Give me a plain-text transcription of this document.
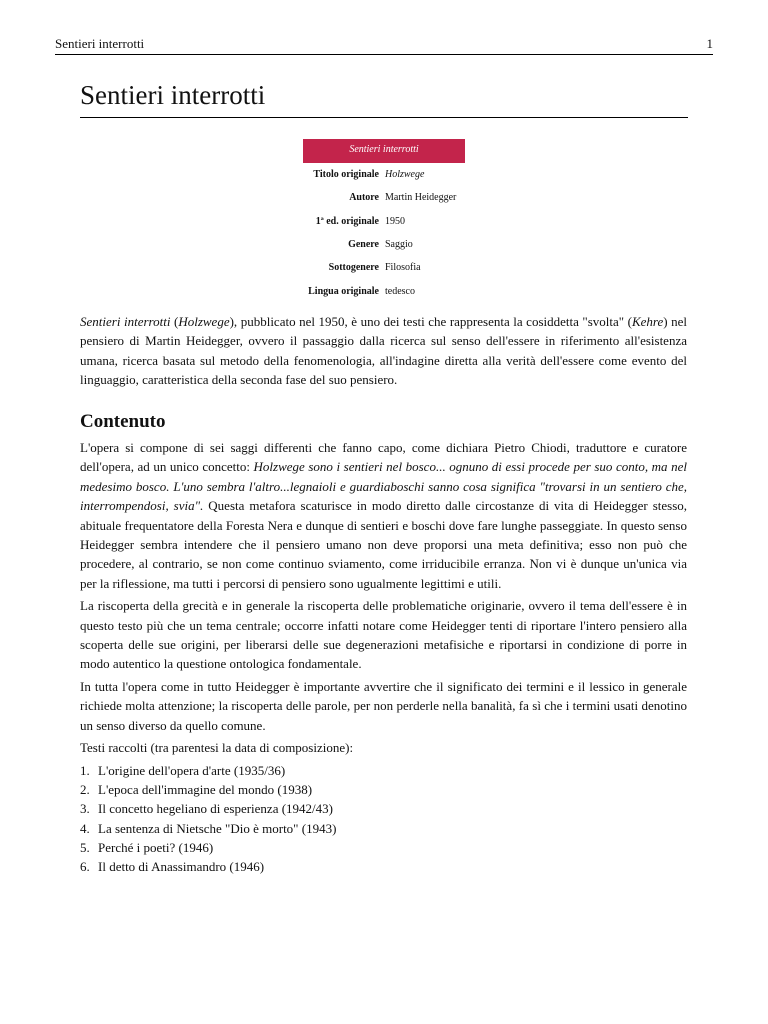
Sentieri interrotti	1
Sentieri interrotti
Sentieri interrotti
Titolo originale Holzwege
Autore Martin Heidegger
1ª ed. originale 1950
Genere Saggio
Sottogenere Filosofia
Lingua originale tedesco

Sentieri interrotti (Holzwege), pubblicato nel 1950, è uno dei testi che rappresenta la cosiddetta "svolta" (Kehre) nel pensiero di Martin Heidegger, ovvero il passaggio dalla ricerca sul senso dell'essere in riferimento all'esistenza umana, ricerca basata sul metodo della fenomenologia, all'indagine diretta alla verità dell'essere come evento del linguaggio, caratteristica della seconda fase del suo pensiero.

Contenuto

L'opera si compone di sei saggi differenti che fanno capo, come dichiara Pietro Chiodi, traduttore e curatore dell'opera, ad un unico concetto: Holzwege sono i sentieri nel bosco... ognuno di essi procede per suo conto, ma nel medesimo bosco. L'uno sembra l'altro...legnaioli e guardiaboschi sanno cosa significa "trovarsi in un sentiero che, interrompendosi, svia". Questa metafora scaturisce in modo diretto dalle circostanze di vita di Heidegger stesso, abituale frequentatore della Foresta Nera e dunque di sentieri e boschi dove fare lunghe passeggiate. In questo senso Heidegger sembra intendere che il pensiero umano non deve proporsi una meta definitiva; esso non può che procedere, al contrario, se non come continuo sviamento, come irriducibile erranza. Non vi è dunque un'unica via per la riflessione, ma tutti i percorsi di pensiero sono ugualmente legittimi e utili.

La riscoperta della grecità e in generale la riscoperta delle problematiche originarie, ovvero il tema dell'essere è in questo testo più che un tema centrale; occorre infatti notare come Heidegger tenti di riportare l'intero pensiero alla scoperta delle sue origini, per liberarsi delle sue degenerazioni metafisiche e riportarsi in condizione di porre in modo autentico la questione ontologica fondamentale.

In tutta l'opera come in tutto Heidegger è importante avvertire che il significato dei termini e il lessico in generale richiede molta attenzione; la riscoperta delle parole, per non perderle nella banalità, fa sì che i termini usati denotino un senso diverso da quello comune.

Testi raccolti (tra parentesi la data di composizione):

1. L'origine dell'opera d'arte (1935/36)
2. L'epoca dell'immagine del mondo (1938)
3. Il concetto hegeliano di esperienza (1942/43)
4. La sentenza di Nietsche "Dio è morto" (1943)
5. Perché i poeti? (1946)
6. Il detto di Anassimandro (1946)
